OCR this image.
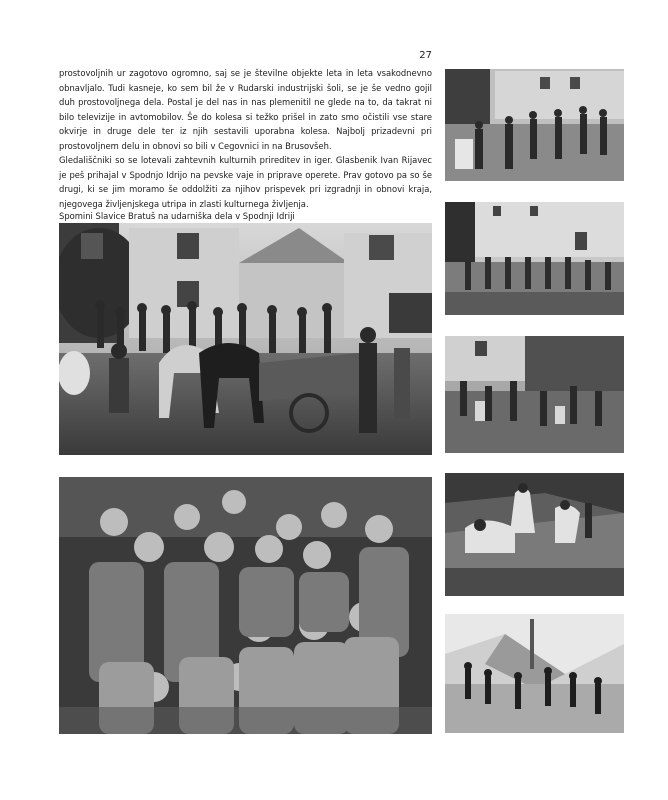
27

prostovoljnih ur zagotovo ogromno, saj se je številne objekte leta in leta vsakodnevno obnavljalo. Tudi kasneje, ko sem bil že v Rudarski industrijski šoli, se je še vedno gojil duh prostovoljnega dela. Postal je del nas in nas plemenitil ne glede na to, da takrat ni bilo televizije in avtomobilov. Še do kolesa si težko prišel in zato smo očistili vse stare okvirje in druge dele ter iz njih sestavili uporabna kolesa. Najbolj prizadevni pri prostovoljnem delu in obnovi so bili v Cegovnici in na Brusovšeh.

Gledališčniki so se lotevali zahtevnih kulturnih prireditev in iger. Glasbenik Ivan Rijavec je peš prihajal v Spodnjo Idrijo na pevske vaje in priprave operete. Prav gotovo pa so še drugi, ki se jim moramo še oddolžiti za njihov prispevek pri izgradnji in obnovi kraja, njegovega življenjskega utripa in zlasti kulturnega življenja.

Spomini Slavice Bratuš na udarniška dela v Spodnji Idriji
